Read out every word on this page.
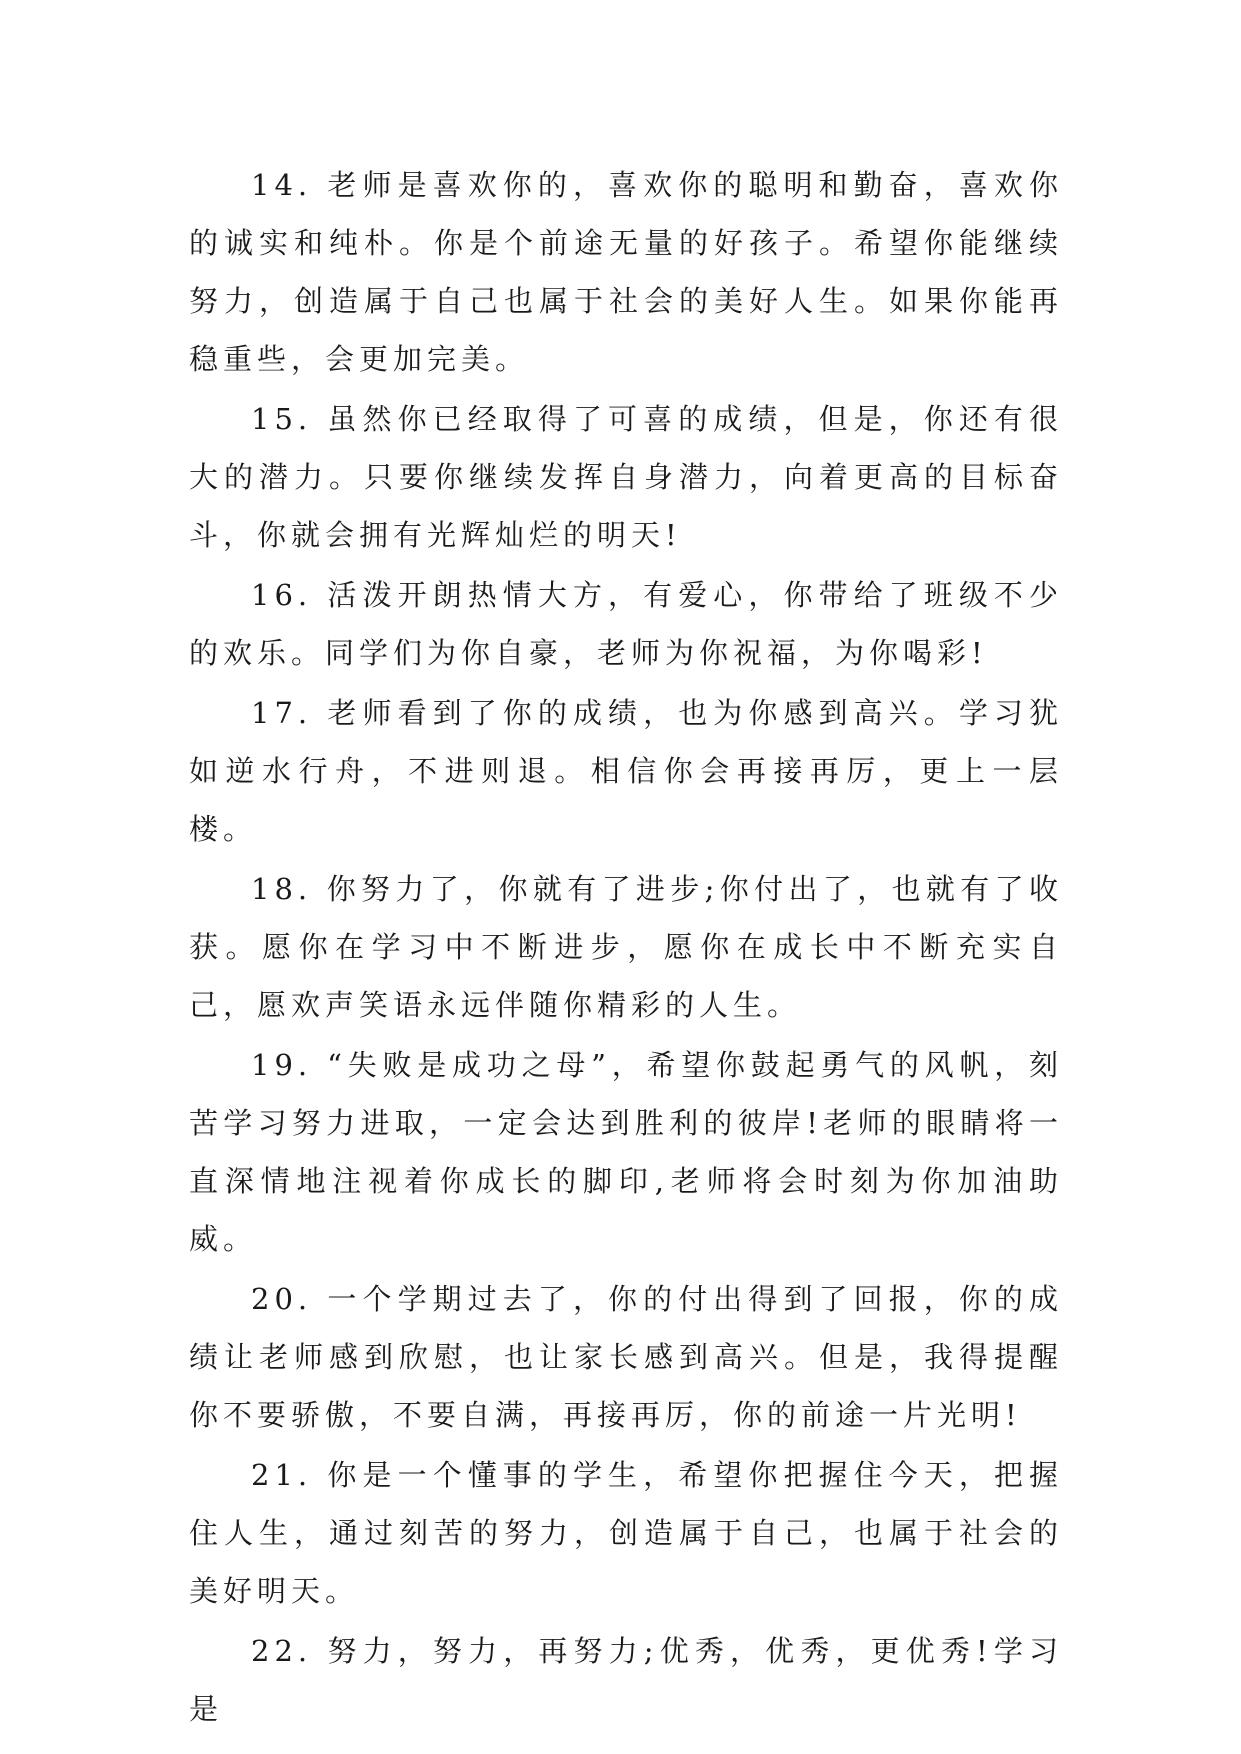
14. 老师是喜欢你的，喜欢你的聪明和勤奋，喜欢你的诚实和纯朴。你是个前途无量的好孩子。希望你能继续努力，创造属于自己也属于社会的美好人生。如果你能再稳重些，会更加完美。

15. 虽然你已经取得了可喜的成绩，但是，你还有很大的潜力。只要你继续发挥自身潜力，向着更高的目标奋斗，你就会拥有光辉灿烂的明天!

16. 活泼开朗热情大方，有爱心，你带给了班级不少的欢乐。同学们为你自豪，老师为你祝福，为你喝彩!

17. 老师看到了你的成绩，也为你感到高兴。学习犹如逆水行舟，不进则退。相信你会再接再厉，更上一层楼。

18. 你努力了，你就有了进步;你付出了，也就有了收获。愿你在学习中不断进步，愿你在成长中不断充实自己，愿欢声笑语永远伴随你精彩的人生。

19. “失败是成功之母”，希望你鼓起勇气的风帆，刻苦学习努力进取，一定会达到胜利的彼岸!老师的眼睛将一直深情地注视着你成长的脚印,老师将会时刻为你加油助威。

20. 一个学期过去了，你的付出得到了回报，你的成绩让老师感到欣慰，也让家长感到高兴。但是，我得提醒你不要骄傲，不要自满，再接再厉，你的前途一片光明!

21. 你是一个懂事的学生，希望你把握住今天，把握住人生，通过刻苦的努力，创造属于自己，也属于社会的美好明天。

22. 努力，努力，再努力;优秀，优秀，更优秀!学习是
